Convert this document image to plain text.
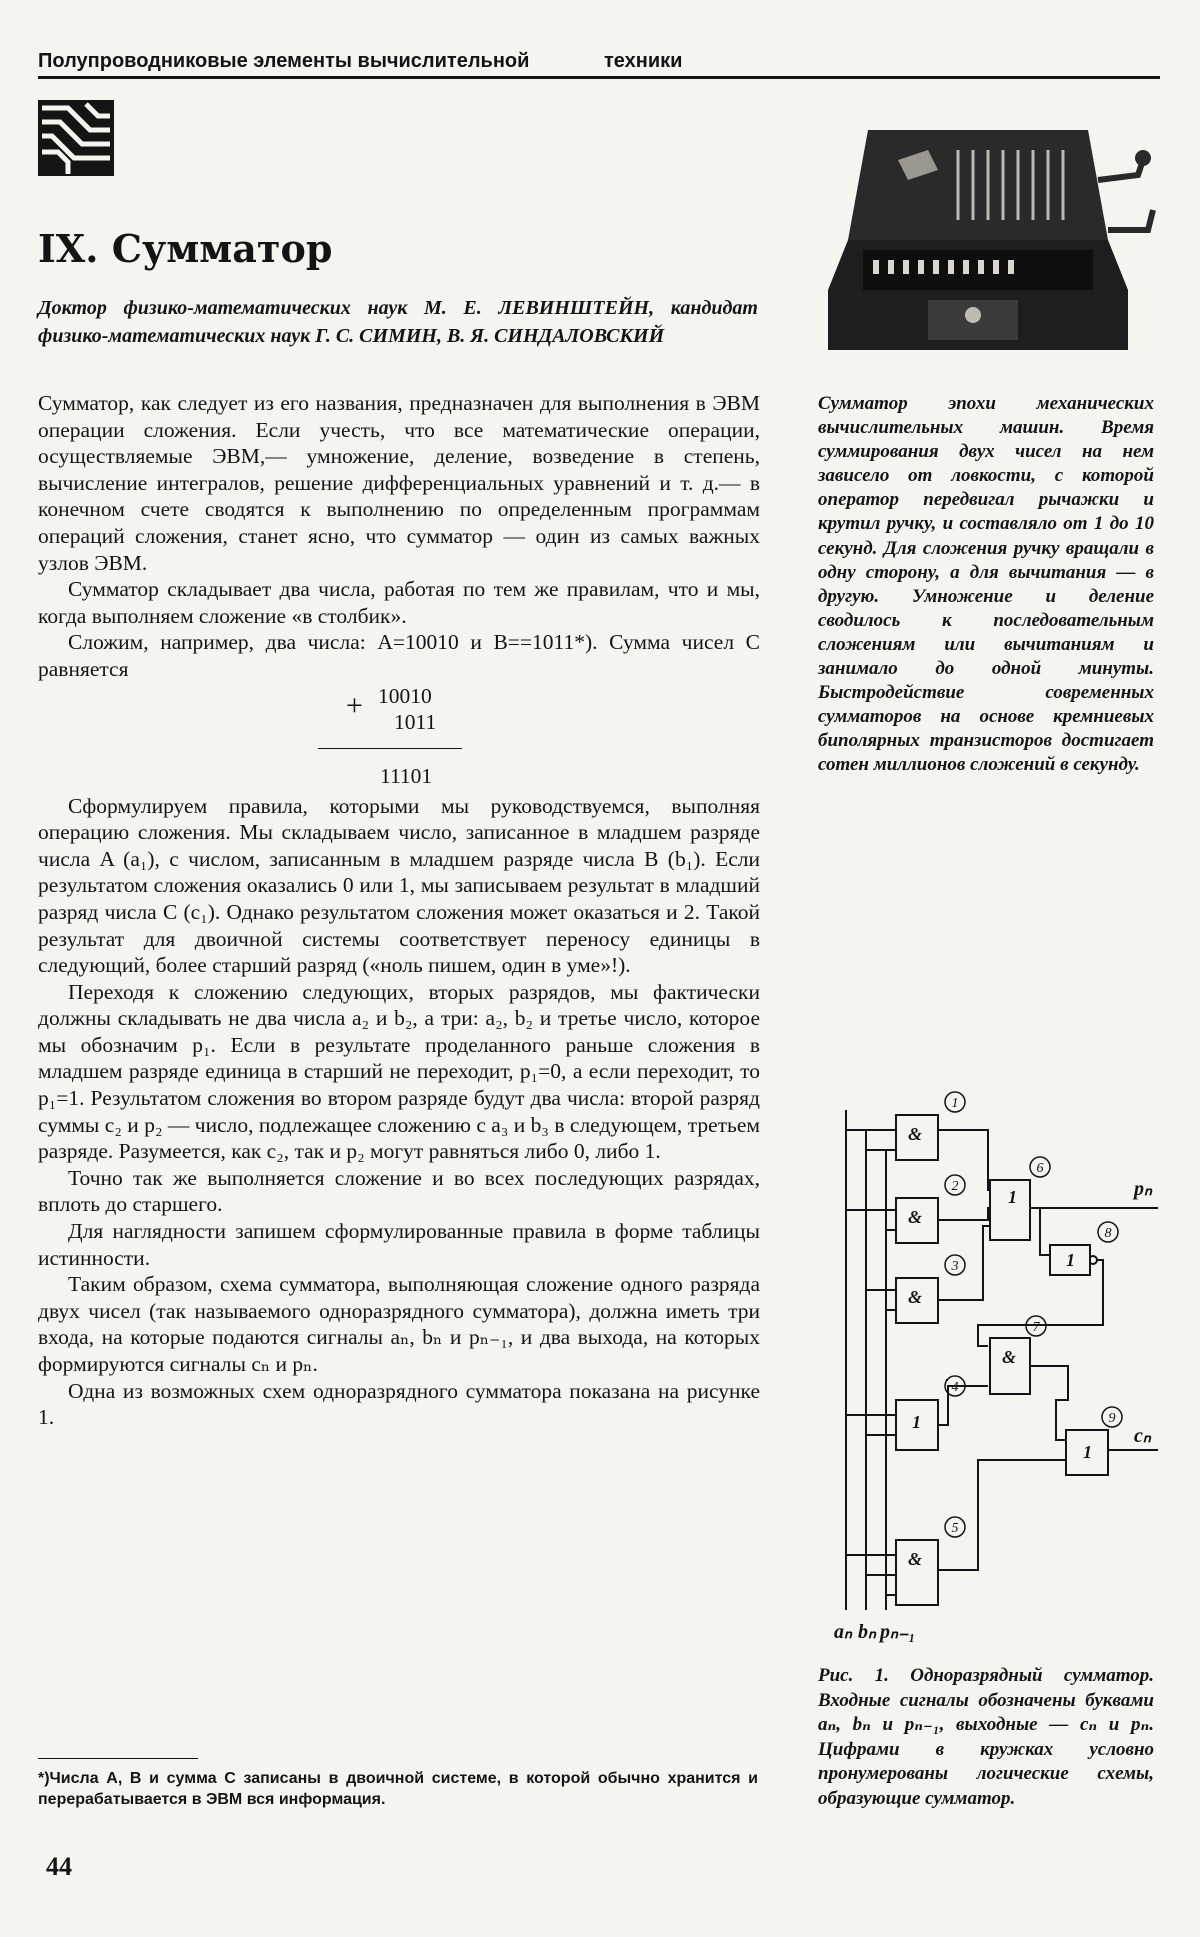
Полупроводниковые элементы вычислительной	техники
IX. Сумматор
Доктор физико-математических наук М. Е. ЛЕВИНШТЕЙН, кандидат физико-математических наук Г. С. СИМИН, В. Я. СИНДАЛОВСКИЙ

Сумматор, как следует из его названия, предназначен для выполнения в ЭВМ операции сложения. Если учесть, что все математические операции, осуществляемые ЭВМ,— умножение, деление, возведение в степень, вычисление интегралов, решение дифференциальных уравнений и т. д.— в конечном счете сводятся к выполнению по определенным программам операций сложения, станет ясно, что сумматор — один из самых важных узлов ЭВМ.

Сумматор складывает два числа, работая по тем же правилам, что и мы, когда выполняем сложение «в столбик».

Сложим, например, два числа: A=10010 и B==1011*). Сумма чисел C равняется

10010
+ 1011
11101

Сформулируем правила, которыми мы руководствуемся, выполняя операцию сложения. Мы складываем число, записанное в младшем разряде числа A (a₁), с числом, записанным в младшем разряде числа B (b₁). Если результатом сложения оказались 0 или 1, мы записываем результат в младший разряд числа C (c₁). Однако результатом сложения может оказаться и 2. Такой результат для двоичной системы соответствует переносу единицы в следующий, более старший разряд («ноль пишем, один в уме»!).

Переходя к сложению следующих, вторых разрядов, мы фактически должны складывать не два числа a₂ и b₂, а три: a₂, b₂ и третье число, которое мы обозначим p₁. Если в результате проделанного раньше сложения в младшем разряде единица в старший не переходит, p₁=0, а если переходит, то p₁=1. Результатом сложения во втором разряде будут два числа: второй разряд суммы c₂ и p₂ — число, подлежащее сложению с a₃ и b₃ в следующем, третьем разряде. Разумеется, как c₂, так и p₂ могут равняться либо 0, либо 1.

Точно так же выполняется сложение и во всех последующих разрядах, вплоть до старшего.

Для наглядности запишем сформулированные правила в форме таблицы истинности.

Таким образом, схема сумматора, выполняющая сложение одного разряда двух чисел (так называемого одноразрядного сумматора), должна иметь три входа, на которые подаются сигналы aₙ, bₙ и pₙ₋₁, и два выхода, на которых формируются сигналы cₙ и pₙ.

Одна из возможных схем одноразрядного сумматора показана на рисунке 1.

*)Числа A, B и сумма C записаны в двоичной системе, в которой обычно хранится и перерабатывается в ЭВМ вся информация.
44
Сумматор эпохи механических вычислительных машин. Время суммирования двух чисел на нем зависело от ловкости, с которой оператор передвигал рычажки и крутил ручку, и составляло от 1 до 10 секунд. Для сложения ручку вращали в одну сторону, а для вычитания — в другую. Умножение и деление сводилось к последовательным сложениям или вычитаниям и занимало до одной минуты. Быстродействие современных сумматоров на основе кремниевых биполярных транзисторов достигает сотен миллионов сложений в секунду.
&
&
&
1
&
1
&
1
1
1
2
3
4
5
6
7
8
9
pₙ
cₙ
aₙ bₙ pₙ₋₁
Рис. 1. Одноразрядный сумматор. Входные сигналы обозначены буквами aₙ, bₙ и pₙ₋₁, выходные — cₙ и pₙ. Цифрами в кружках условно пронумерованы логические схемы, образующие сумматор.
